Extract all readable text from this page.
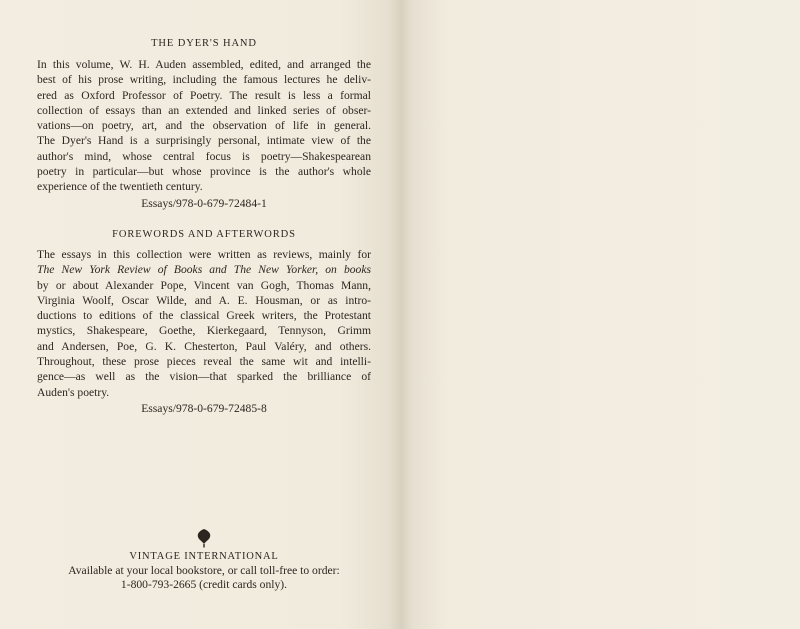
THE DYER'S HAND
In this volume, W. H. Auden assembled, edited, and arranged the
best of his prose writing, including the famous lectures he deliv-
ered as Oxford Professor of Poetry. The result is less a formal
collection of essays than an extended and linked series of obser-
vations—on poetry, art, and the observation of life in general.
The Dyer's Hand is a surprisingly personal, intimate view of the
author's mind, whose central focus is poetry—Shakespearean
poetry in particular—but whose province is the author's whole
experience of the twentieth century.
Essays/978-0-679-72484-1
FOREWORDS AND AFTERWORDS
The essays in this collection were written as reviews, mainly for
The New York Review of Books and The New Yorker, on books
by or about Alexander Pope, Vincent van Gogh, Thomas Mann,
Virginia Woolf, Oscar Wilde, and A. E. Housman, or as intro-
ductions to editions of the classical Greek writers, the Protestant
mystics, Shakespeare, Goethe, Kierkegaard, Tennyson, Grimm
and Andersen, Poe, G. K. Chesterton, Paul Valéry, and others.
Throughout, these prose pieces reveal the same wit and intelli-
gence—as well as the vision—that sparked the brilliance of
Auden's poetry.
Essays/978-0-679-72485-8
VINTAGE INTERNATIONAL
Available at your local bookstore, or call toll-free to order:
1-800-793-2665 (credit cards only).
